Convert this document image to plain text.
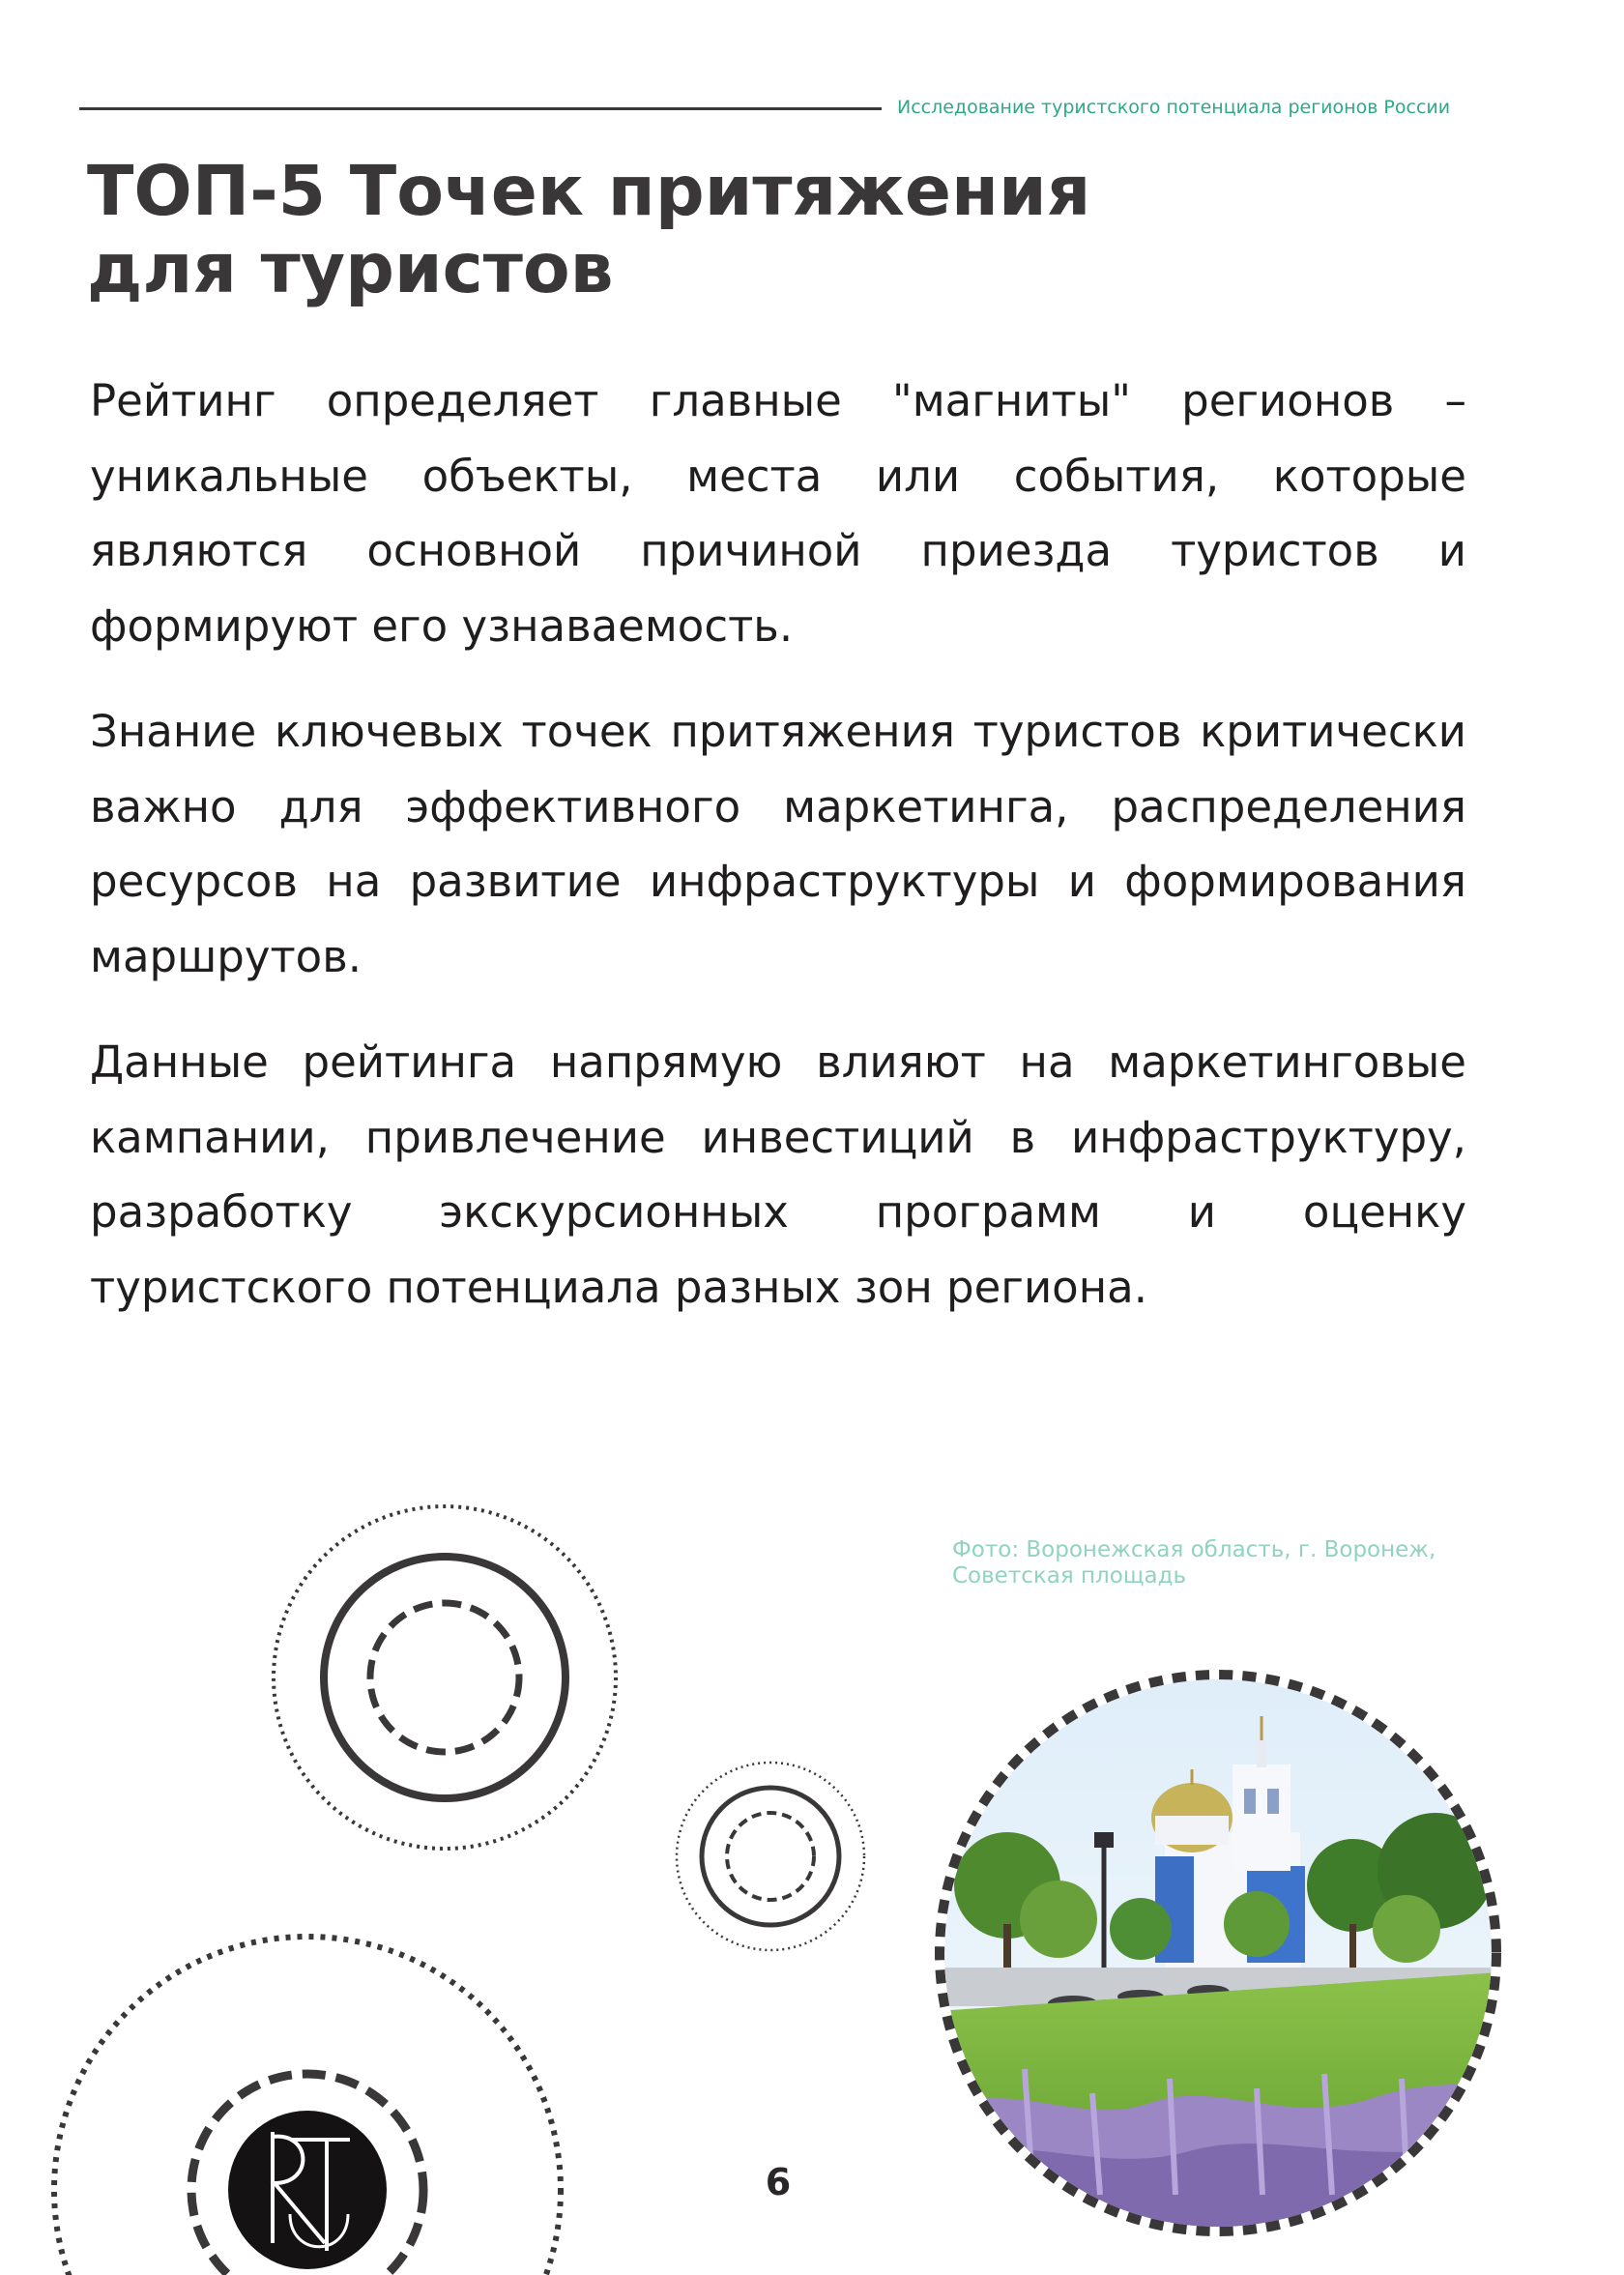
Исследование туристского потенциала регионов России
ТОП-5 Точек притяжения
для туристов

Рейтинг определяет главные "магниты" регионов – уникальные объекты, места или события, которые являются основной причиной приезда туристов и формируют его узнаваемость.

Знание ключевых точек притяжения туристов критически важно для эффективного маркетинга, распределения ресурсов на развитие инфраструктуры и формирования маршрутов.

Данные рейтинга напрямую влияют на маркетинговые кампании, привлечение инвестиций в инфраструктуру, разработку экскурсионных программ и оценку туристского потенциала разных зон региона.

Фото: Воронежская область, г. Воронеж, Советская площадь
6
